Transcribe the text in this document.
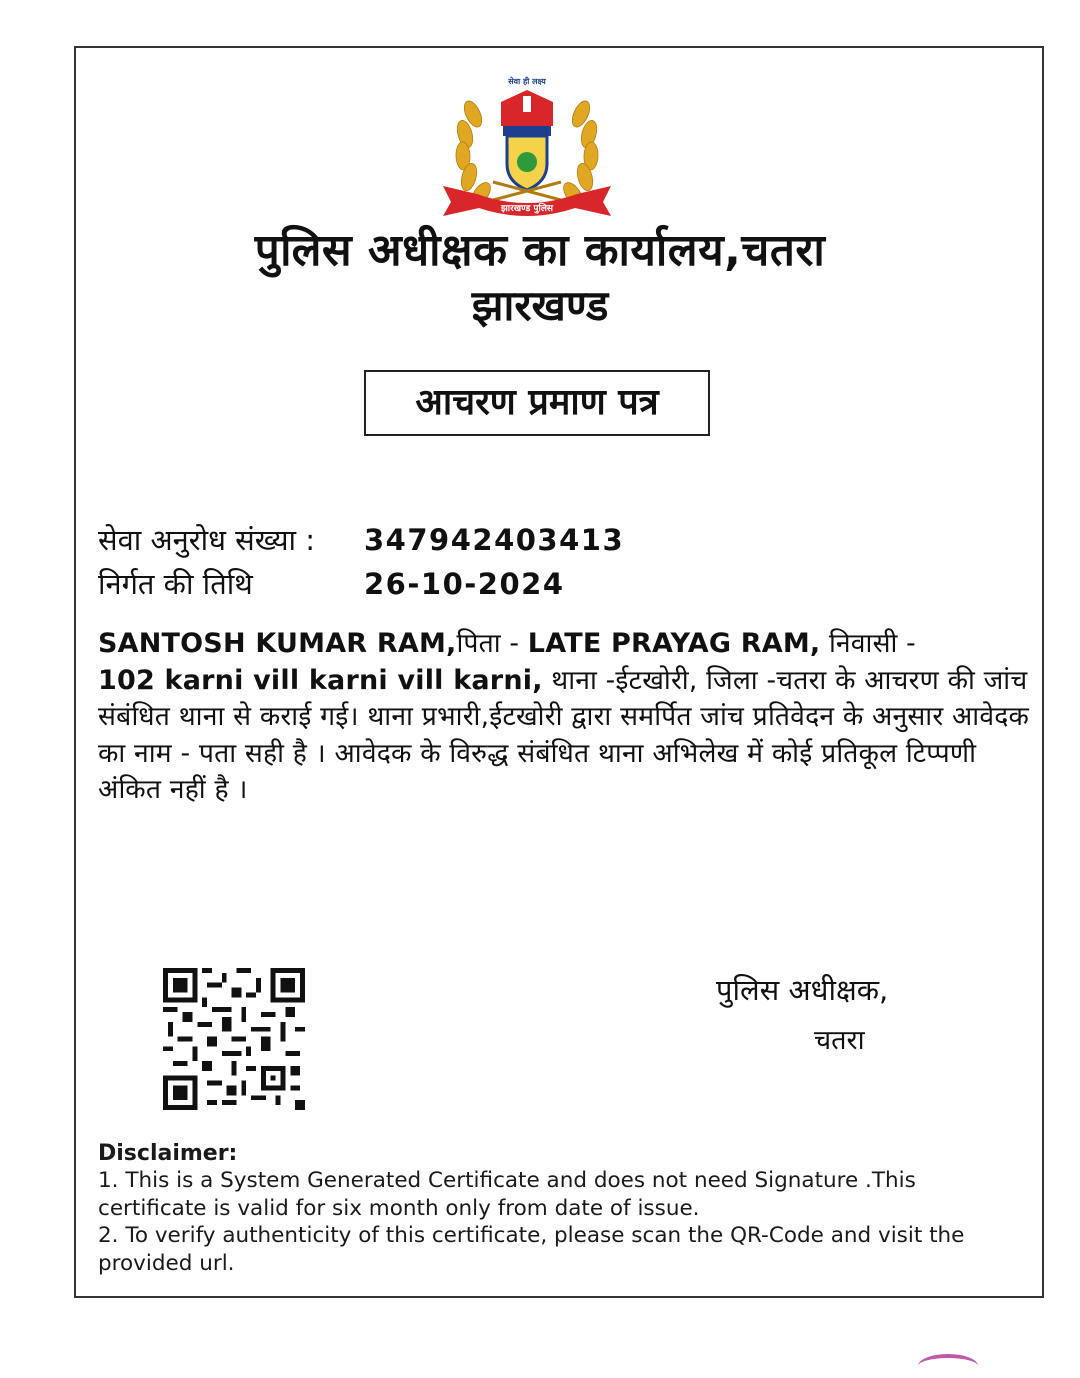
सेवा ही लक्ष्य
झारखण्ड पुलिस
पुलिस अधीक्षक का कार्यालय,चतरा
झारखण्ड
आचरण प्रमाण पत्र
सेवा अनुरोध संख्या : 347942403413
निर्गत की तिथि	26-10-2024
SANTOSH KUMAR RAM,पिता - LATE PRAYAG RAM, निवासी -
102 karni vill karni vill karni, थाना -ईटखोरी, जिला -चतरा के आचरण की जांच संबंधित थाना से कराई गई। थाना प्रभारी,ईटखोरी द्वारा समर्पित जांच प्रतिवेदन के अनुसार आवेदक का नाम - पता सही है । आवेदक के विरुद्ध संबंधित थाना अभिलेख में कोई प्रतिकूल टिप्पणी अंकित नहीं है ।
पुलिस अधीक्षक,
चतरा
Disclaimer:
1. This is a System Generated Certificate and does not need Signature .This certificate is valid for six month only from date of issue.
2. To verify authenticity of this certificate, please scan the QR-Code and visit the provided url.
